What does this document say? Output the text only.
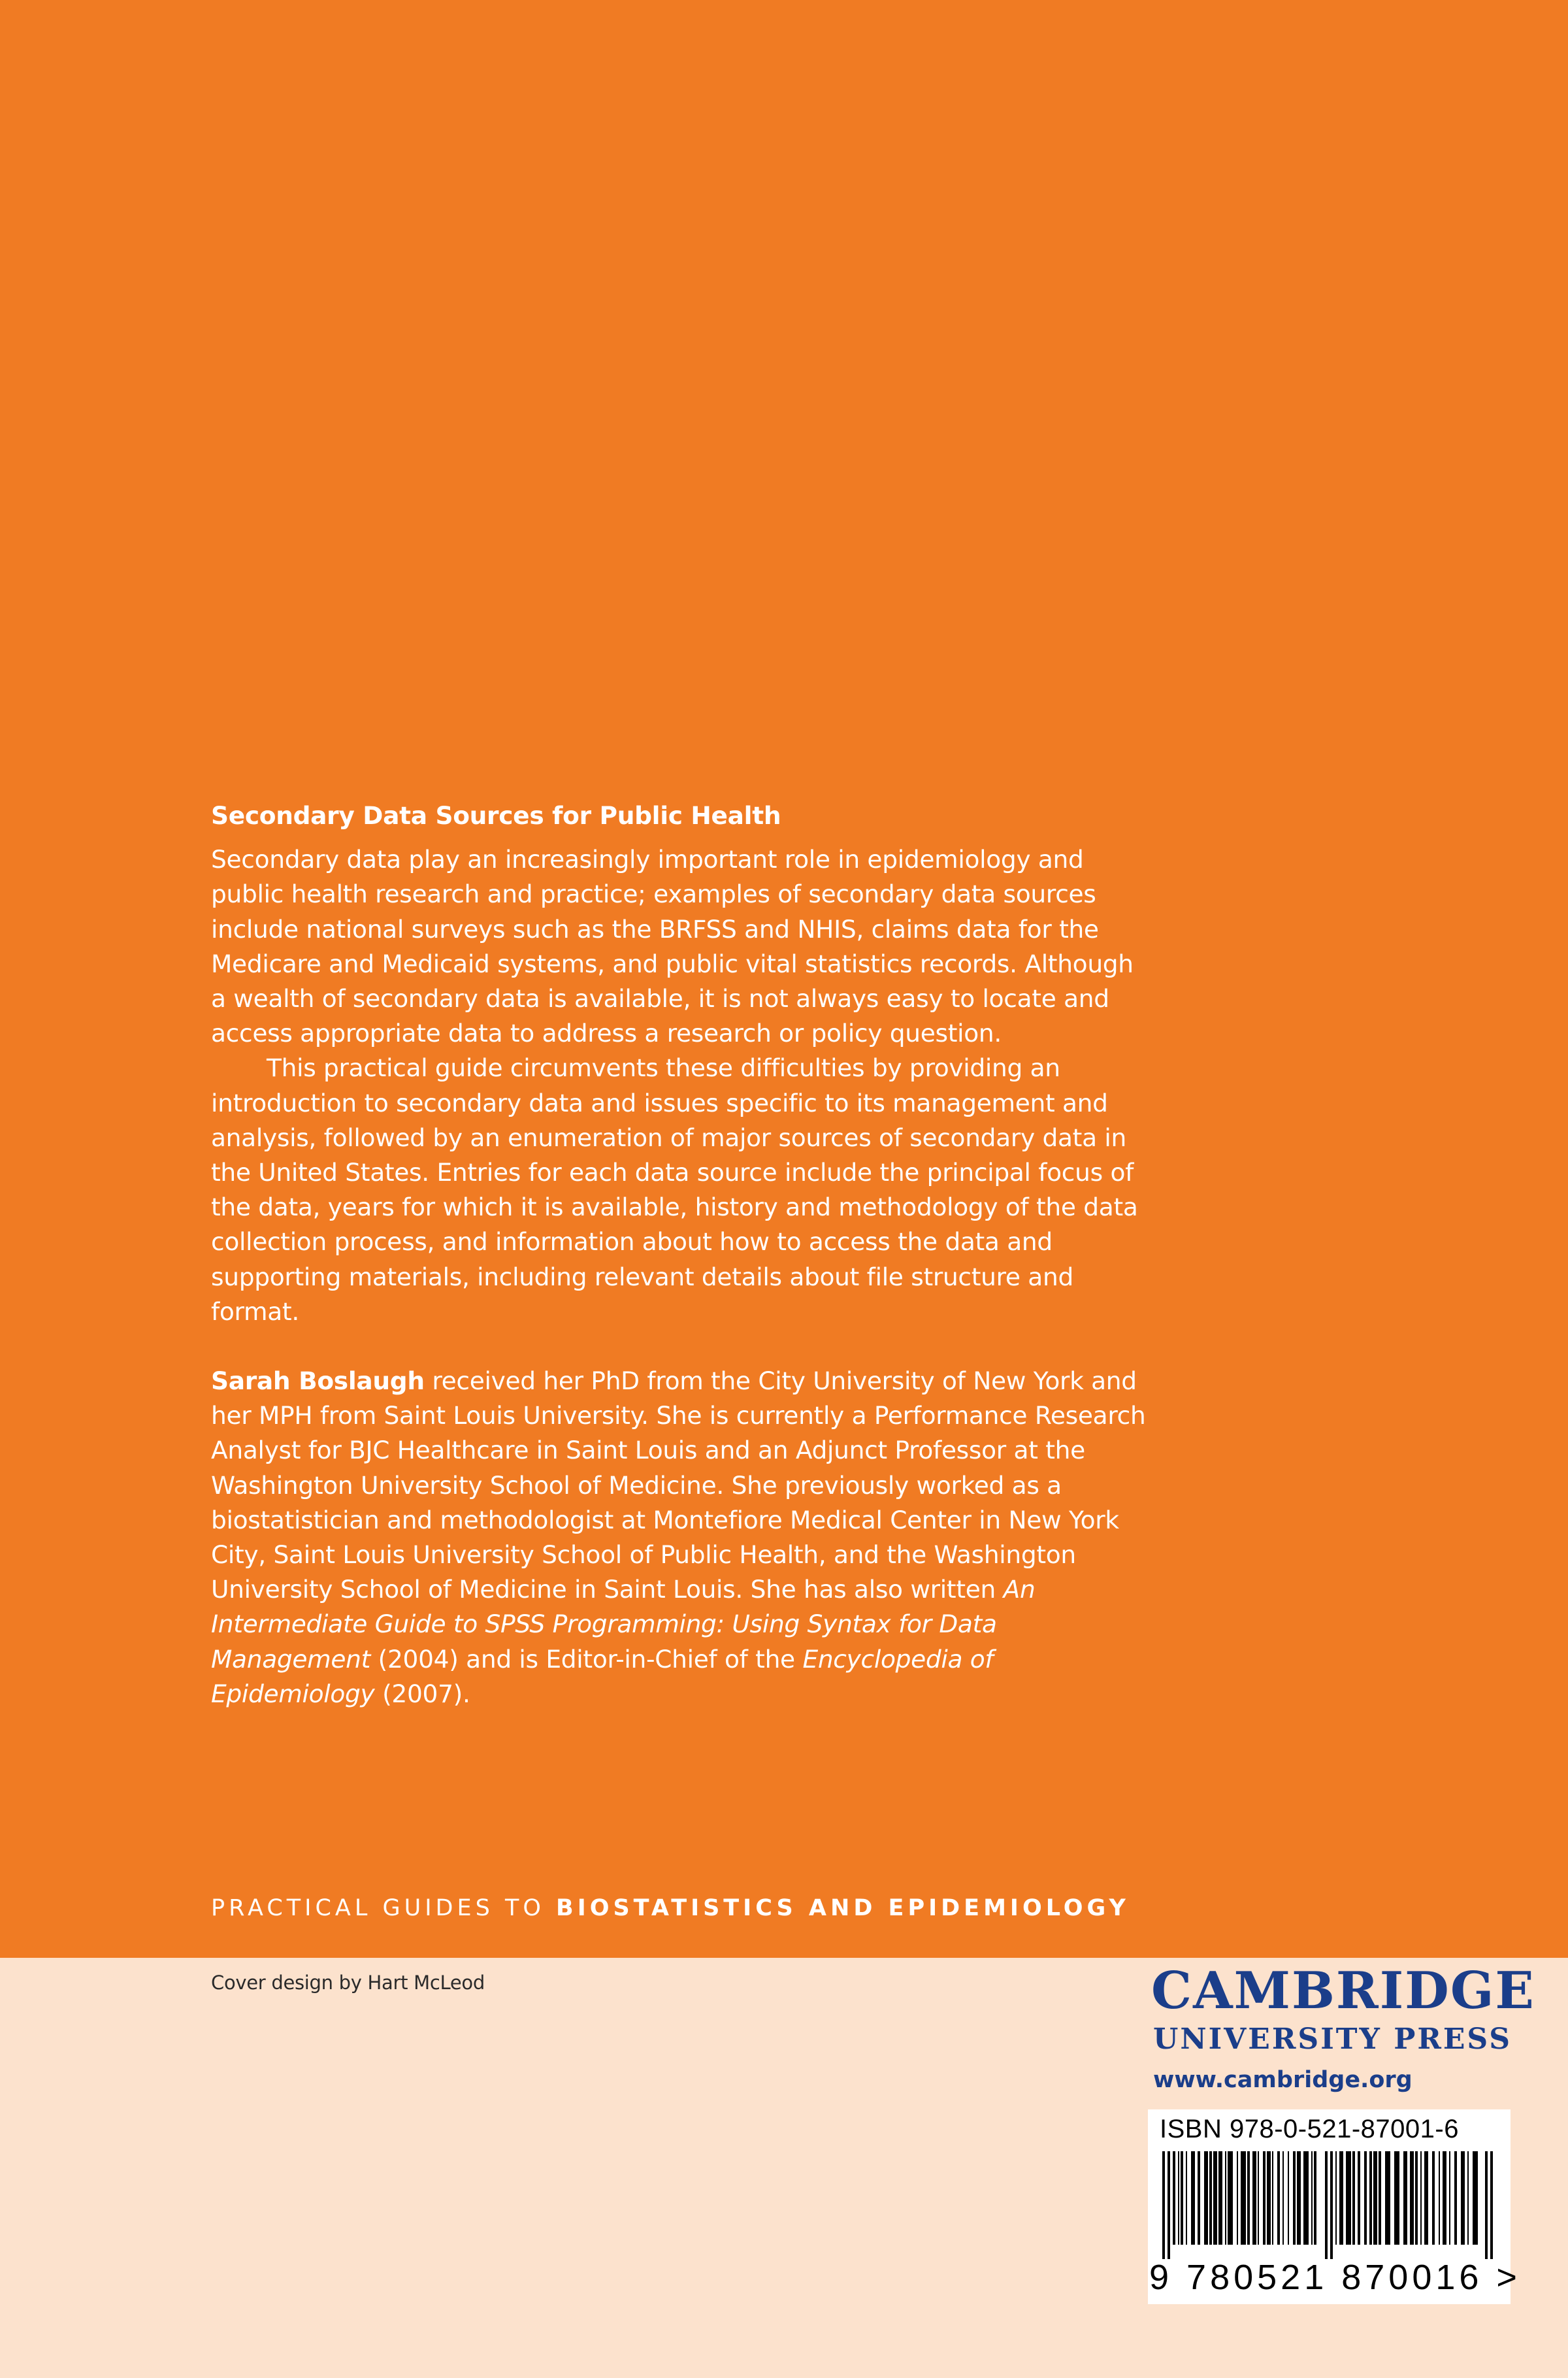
Secondary Data Sources for Public Health

Secondary data play an increasingly important role in epidemiology and public health research and practice; examples of secondary data sources include national surveys such as the BRFSS and NHIS, claims data for the Medicare and Medicaid systems, and public vital statistics records. Although a wealth of secondary data is available, it is not always easy to locate and access appropriate data to address a research or policy question.

This practical guide circumvents these difficulties by providing an introduction to secondary data and issues specific to its management and analysis, followed by an enumeration of major sources of secondary data in the United States. Entries for each data source include the principal focus of the data, years for which it is available, history and methodology of the data collection process, and information about how to access the data and supporting materials, including relevant details about file structure and format.

Sarah Boslaugh received her PhD from the City University of New York and her MPH from Saint Louis University. She is currently a Performance Research Analyst for BJC Healthcare in Saint Louis and an Adjunct Professor at the Washington University School of Medicine. She previously worked as a biostatistician and methodologist at Montefiore Medical Center in New York City, Saint Louis University School of Public Health, and the Washington University School of Medicine in Saint Louis. She has also written An Intermediate Guide to SPSS Programming: Using Syntax for Data Management (2004) and is Editor-in-Chief of the Encyclopedia of Epidemiology (2007).

PRACTICAL GUIDES TO BIOSTATISTICS AND EPIDEMIOLOGY
Cover design by Hart McLeod	CAMBRIDGE
UNIVERSITY PRESS
www.cambridge.org
ISBN 978-0-521-87001-6
9 780521 870016 >
